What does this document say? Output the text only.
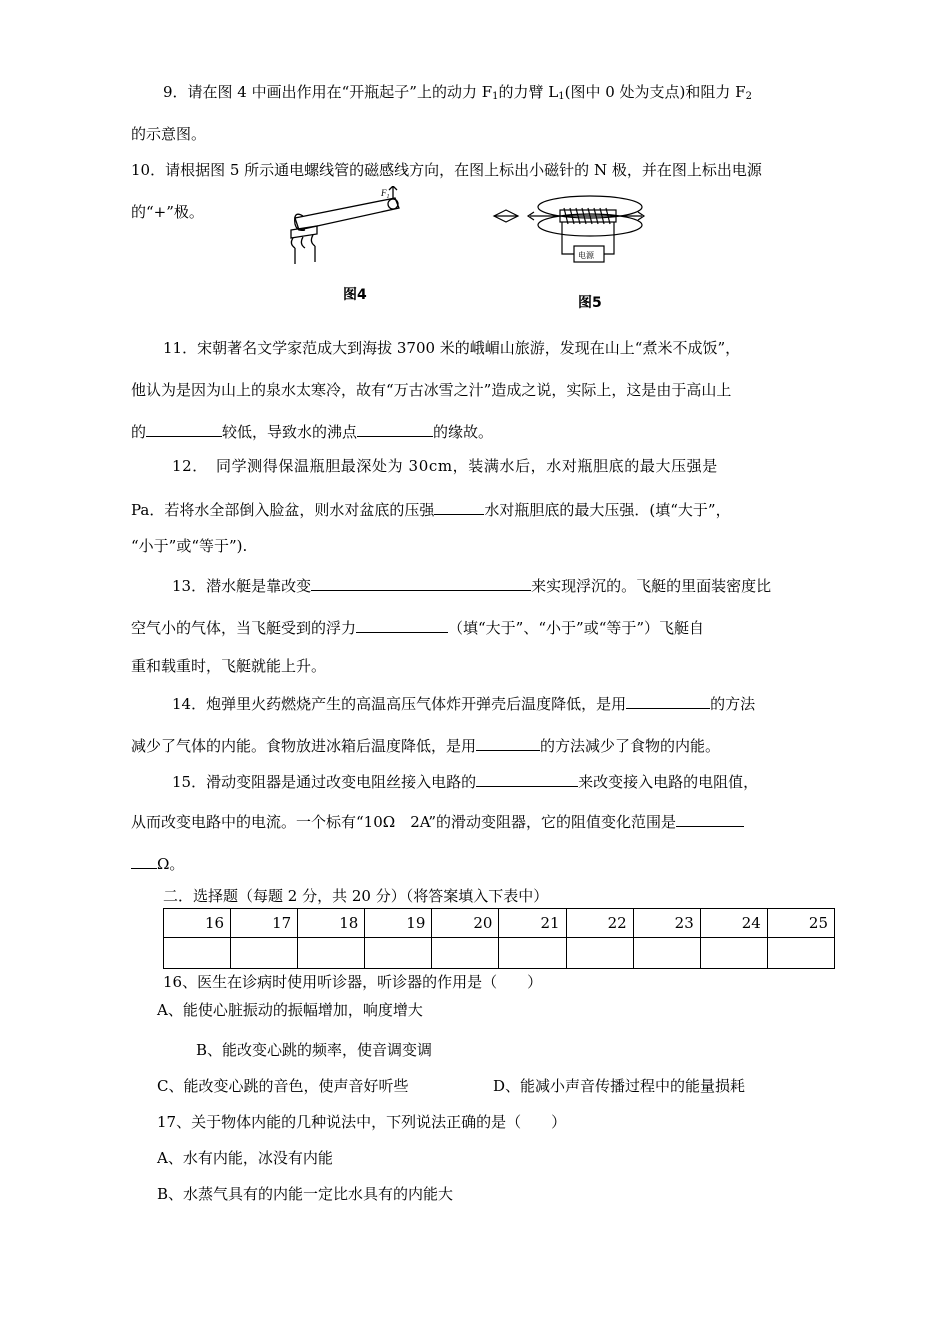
9．请在图 4 中画出作用在“开瓶起子”上的动力 $F_1$的力臂 $L_1$(图中 0 处为支点)和阻力 $F_2$
的示意图。
10．请根据图 5 所示通电螺线管的磁感线方向，在图上标出小磁针的 N 极，并在图上标出电源
的“+”极。
$F_1$
图4
电源
图5
11．宋朝著名文学家范成大到海拔 3700 米的峨嵋山旅游，发现在山上“煮米不成饭”，
他认为是因为山上的泉水太寒冷，故有“万古冰雪之汁”造成之说，实际上，这是由于高山上
的	较低，导致水的沸点	的缘故。
12．　同学测得保温瓶胆最深处为 30cm，装满水后，水对瓶胆底的最大压强是
Pa．若将水全部倒入脸盆，则水对盆底的压强	水对瓶胆底的最大压强．(填“大于”，
“小于”或“等于”).
13．潜水艇是靠改变	来实现浮沉的。飞艇的里面装密度比
空气小的气体，当飞艇受到的浮力	（填“大于”、“小于”或“等于”）飞艇自
重和载重时，飞艇就能上升。
14．炮弹里火药燃烧产生的高温高压气体炸开弹壳后温度降低，是用	的方法
减少了气体的内能。食物放进冰箱后温度降低，是用	的方法减少了食物的内能。
15．滑动变阻器是通过改变电阻丝接入电路的	来改变接入电路的电阻值，
从而改变电路中的电流。一个标有“10Ω　2A”的滑动变阻器，它的阻值变化范围是
Ω。
二．选择题（每题 2 分，共 20 分）（将答案填入下表中）
16	17	18	19	20	21	22	23	24	25

16、医生在诊病时使用听诊器，听诊器的作用是（　　）
A、能使心脏振动的振幅增加，响度增大
B、能改变心跳的频率，使音调变调
C、能改变心跳的音色，使声音好听些	D、能减小声音传播过程中的能量损耗
17、关于物体内能的几种说法中，下列说法正确的是（　　）
A、水有内能，冰没有内能
B、水蒸气具有的内能一定比水具有的内能大
